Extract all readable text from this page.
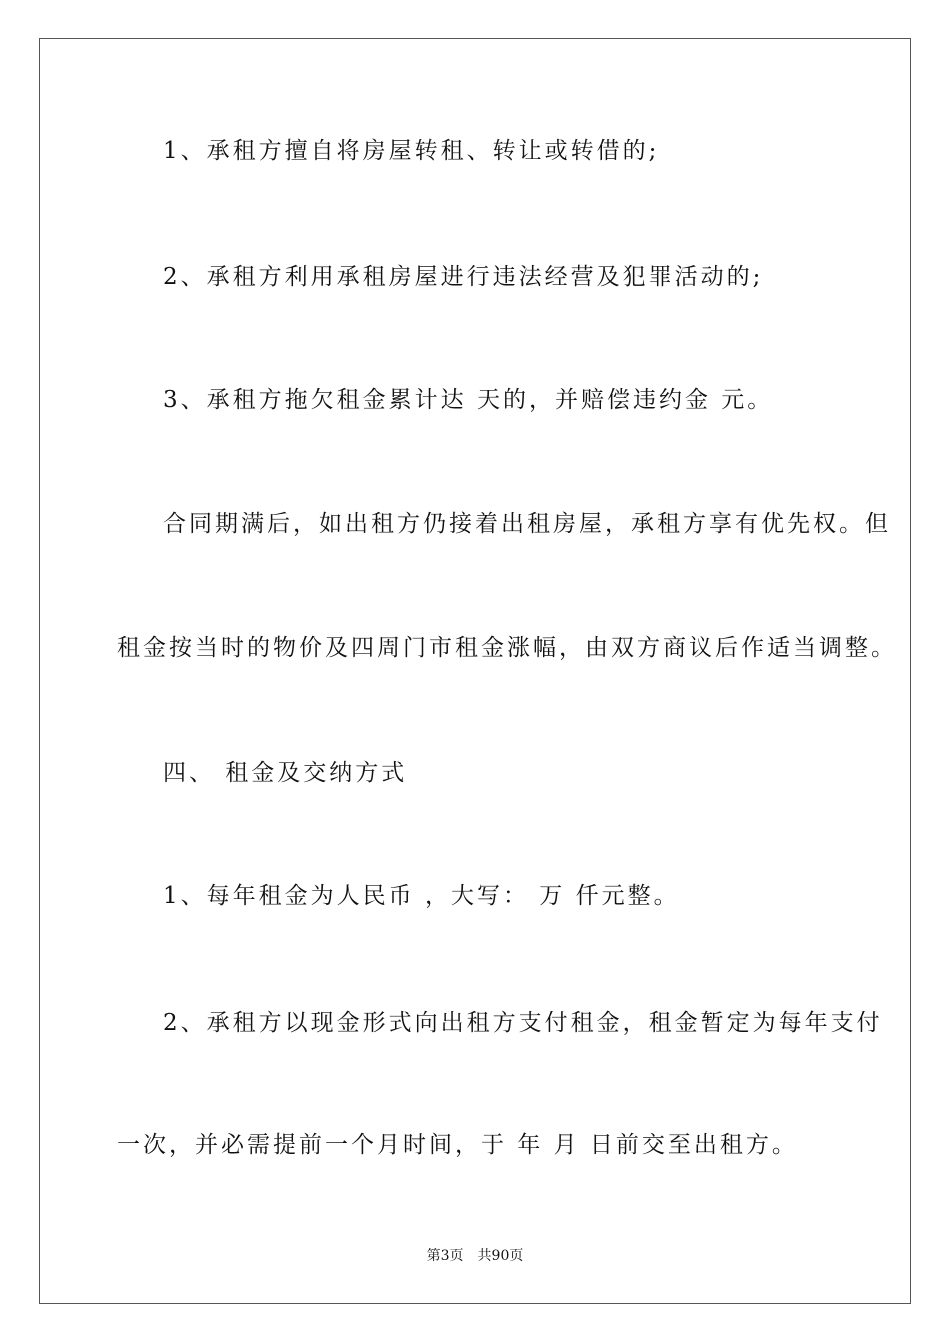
1、承租方擅自将房屋转租、转让或转借的;
2、承租方利用承租房屋进行违法经营及犯罪活动的;
3、承租方拖欠租金累计达 天的，并赔偿违约金 元。
合同期满后，如出租方仍接着出租房屋，承租方享有优先权。但
租金按当时的物价及四周门市租金涨幅，由双方商议后作适当调整。
四、 租金及交纳方式
1、每年租金为人民币 ，大写： 万 仟元整。
2、承租方以现金形式向出租方支付租金，租金暂定为每年支付
一次，并必需提前一个月时间，于 年 月 日前交至出租方。
第3页　共90页
